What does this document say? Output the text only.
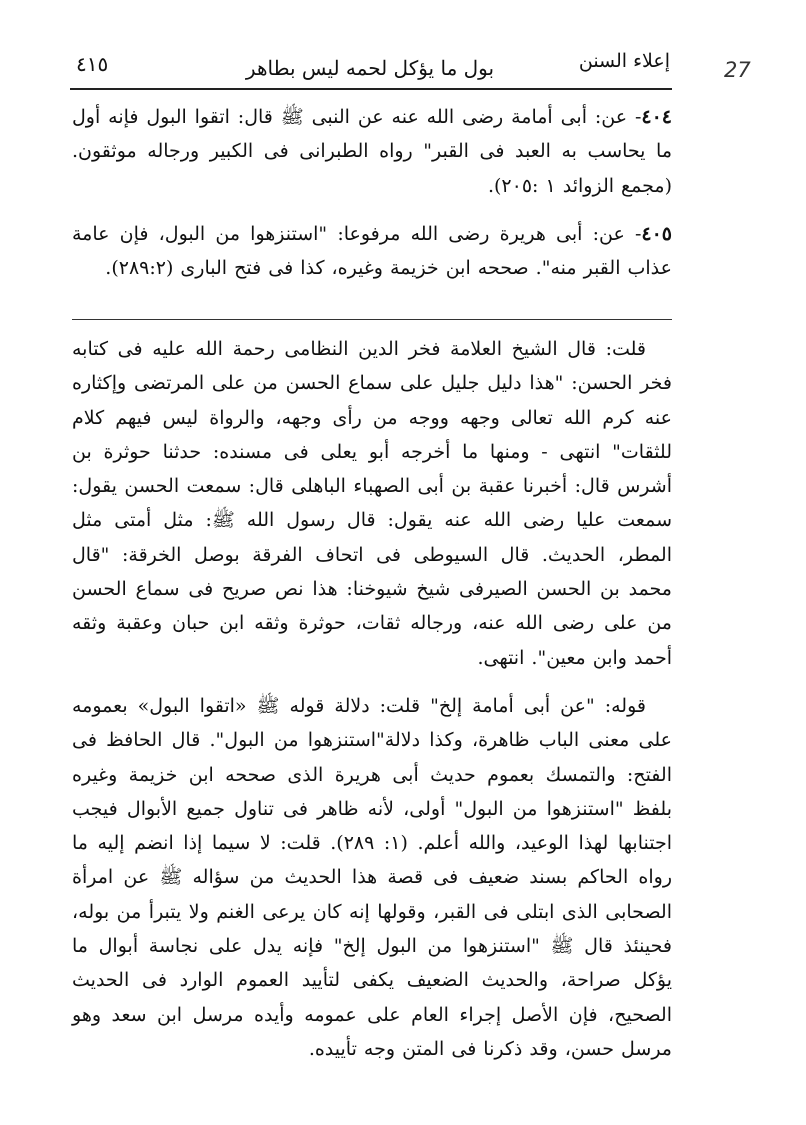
27
إعلاء السنن
بول ما يؤكل لحمه ليس بطاهر
٤١٥

٤٠٤- عن: أبى أمامة رضى الله عنه عن النبى ﷺ قال: اتقوا البول فإنه أول ما يحاسب به العبد فى القبر" رواه الطبرانى فى الكبير ورجاله موثقون. (مجمع الزوائد ١ :٢٠٥).

٤٠٥- عن: أبى هريرة رضى الله مرفوعا: "استنزهوا من البول، فإن عامة عذاب القبر منه". صححه ابن خزيمة وغيره، كذا فى فتح البارى (٢٨٩:٢).

قلت: قال الشيخ العلامة فخر الدين النظامى رحمة الله عليه فى كتابه فخر الحسن: "هذا دليل جليل على سماع الحسن من على المرتضى وإكثاره عنه كرم الله تعالى وجهه ووجه من رأى وجهه، والرواة ليس فيهم كلام للثقات" انتهى - ومنها ما أخرجه أبو يعلى فى مسنده: حدثنا حوثرة بن أشرس قال: أخبرنا عقبة بن أبى الصهباء الباهلى قال: سمعت الحسن يقول: سمعت عليا رضى الله عنه يقول: قال رسول الله ﷺ: مثل أمتى مثل المطر، الحديث. قال السيوطى فى اتحاف الفرقة بوصل الخرقة: "قال محمد بن الحسن الصيرفى شيخ شيوخنا: هذا نص صريح فى سماع الحسن من على رضى الله عنه، ورجاله ثقات، حوثرة وثقه ابن حبان وعقبة وثقه أحمد وابن معين". انتهى.

قوله: "عن أبى أمامة إلخ" قلت: دلالة قوله ﷺ «اتقوا البول» بعمومه على معنى الباب ظاهرة، وكذا دلالة"استنزهوا من البول". قال الحافظ فى الفتح: والتمسك بعموم حديث أبى هريرة الذى صححه ابن خزيمة وغيره بلفظ "استنزهوا من البول" أولى، لأنه ظاهر فى تناول جميع الأبوال فيجب اجتنابها لهذا الوعيد، والله أعلم. (١: ٢٨٩). قلت: لا سيما إذا انضم إليه ما رواه الحاكم بسند ضعيف فى قصة هذا الحديث من سؤاله ﷺ عن امرأة الصحابى الذى ابتلى فى القبر، وقولها إنه كان يرعى الغنم ولا يتبرأ من بوله، فحينئذ قال ﷺ "استنزهوا من البول إلخ" فإنه يدل على نجاسة أبوال ما يؤكل صراحة، والحديث الضعيف يكفى لتأييد العموم الوارد فى الحديث الصحيح، فإن الأصل إجراء العام على عمومه وأيده مرسل ابن سعد وهو مرسل حسن، وقد ذكرنا فى المتن وجه تأييده.
